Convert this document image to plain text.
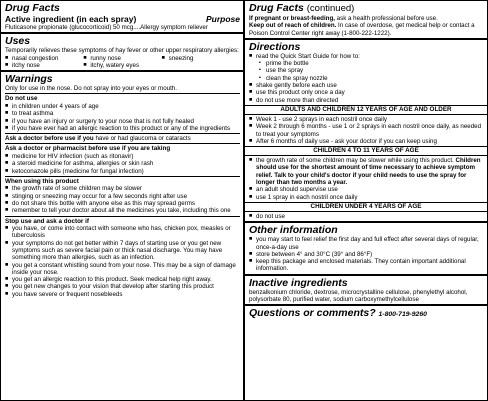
Drug Facts
Active ingredient (in each spray)	Purpose

Fluticasone propionate (glucocorticoid) 50 mcg....Allergy symptom reliever

Uses

Temporarily relieves these symptoms of hay fever or other upper respiratory allergies:

■ nasal congestion	■ runny nose	■ sneezing
■ itchy nose	■ itchy, watery eyes
Warnings

Only for use in the nose. Do not spray into your eyes or mouth.

Do not use
■ in children under 4 years of age
■ to treat asthma
■ if you have an injury or surgery to your nose that is not fully healed
■ if you have ever had an allergic reaction to this product or any of the ingredients

Ask a doctor before use if you have or had glaucoma or cataracts

Ask a doctor or pharmacist before use if you are taking
■ medicine for HIV infection (such as ritonavir)
■ a steroid medicine for asthma, allergies or skin rash
■ ketoconazole pills (medicine for fungal infection)
When using this product
■ the growth rate of some children may be slower
■ stinging or sneezing may occur for a few seconds right after use
■ do not share this bottle with anyone else as this may spread germs
■ remember to tell your doctor about all the medicines you take, including this one
Stop use and ask a doctor if
■ you have, or come into contact with someone who has, chicken pox, measles or tuberculosis
■ your symptoms do not get better within 7 days of starting use or you get new symptoms such as severe facial pain or thick nasal discharge. You may have something more than allergies, such as an infection.
■ you get a constant whistling sound from your nose. This may be a sign of damage inside your nose.
■ you get an allergic reaction to this product. Seek medical help right away.
■ you get new changes to your vision that develop after starting this product
■ you have severe or frequent nosebleeds
Drug Facts (continued)

If pregnant or breast-feeding, ask a health professional before use.

Keep out of reach of children. In case of overdose, get medical help or contact a Poison Control Center right away (1-800-222-1222).

Directions
■ read the Quick Start Guide for how to:
▪ prime the bottle
▪ use the spray
▪ clean the spray nozzle
■ shake gently before each use
■ use this product only once a day
■ do not use more than directed
ADULTS AND CHILDREN 12 YEARS OF AGE AND OLDER
■ Week 1 - use 2 sprays in each nostril once daily
■ Week 2 through 6 months - use 1 or 2 sprays in each nostril once daily, as needed to treat your symptoms
■ After 6 months of daily use - ask your doctor if you can keep using
CHILDREN 4 TO 11 YEARS OF AGE
■ the growth rate of some children may be slower while using this product. Children should use for the shortest amount of time necessary to achieve symptom relief. Talk to your child's doctor if your child needs to use the spray for longer than two months a year.
■ an adult should supervise use
■ use 1 spray in each nostril once daily
CHILDREN UNDER 4 YEARS OF AGE
■ do not use
Other information
■ you may start to feel relief the first day and full effect after several days of regular, once-a-day use
■ store between 4° and 30°C (39° and 86°F)
■ keep this package and enclosed materials. They contain important additional information.
Inactive ingredients

benzalkonium chloride, dextrose, microcrystalline cellulose, phenylethyl alcohol, polysorbate 80, purified water, sodium carboxymethylcellulose

Questions or comments? 1-800-719-9260
